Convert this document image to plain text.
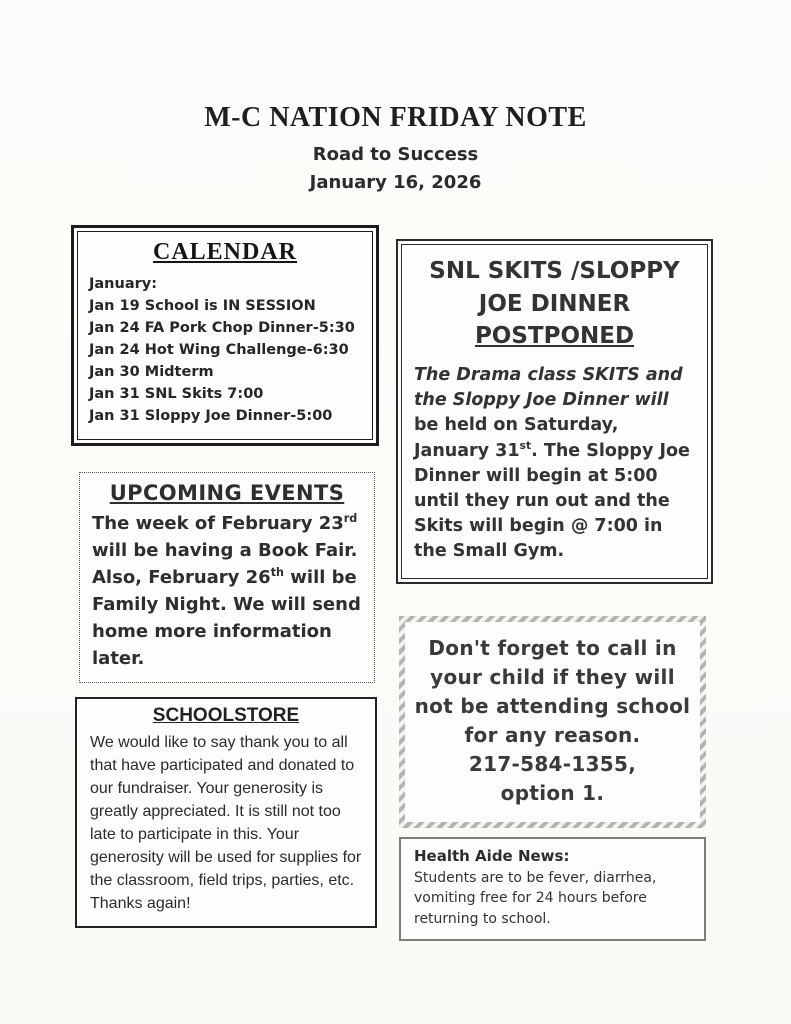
M-C NATION FRIDAY NOTE
Road to Success
January 16, 2026
CALENDAR
January:
Jan 19 School is IN SESSION
Jan 24 FA Pork Chop Dinner-5:30
Jan 24 Hot Wing Challenge-6:30
Jan 30 Midterm
Jan 31 SNL Skits 7:00
Jan 31 Sloppy Joe Dinner-5:00
SNL SKITS /SLOPPY
JOE DINNER
POSTPONED

The Drama class SKITS and the Sloppy Joe Dinner will be held on Saturday, January 31st. The Sloppy Joe Dinner will begin at 5:00 until they run out and the Skits will begin @ 7:00 in the Small Gym.

UPCOMING EVENTS

The week of February 23rd will be having a Book Fair. Also, February 26th will be Family Night. We will send home more information later.

SCHOOLSTORE

We would like to say thank you to all that have participated and donated to our fundraiser. Your generosity is greatly appreciated. It is still not too late to participate in this. Your generosity will be used for supplies for the classroom, field trips, parties, etc. Thanks again!

Don't forget to call in your child if they will not be attending school for any reason.

217-584-1355,
option 1.
Health Aide News:

Students are to be fever, diarrhea, vomiting free for 24 hours before returning to school.
